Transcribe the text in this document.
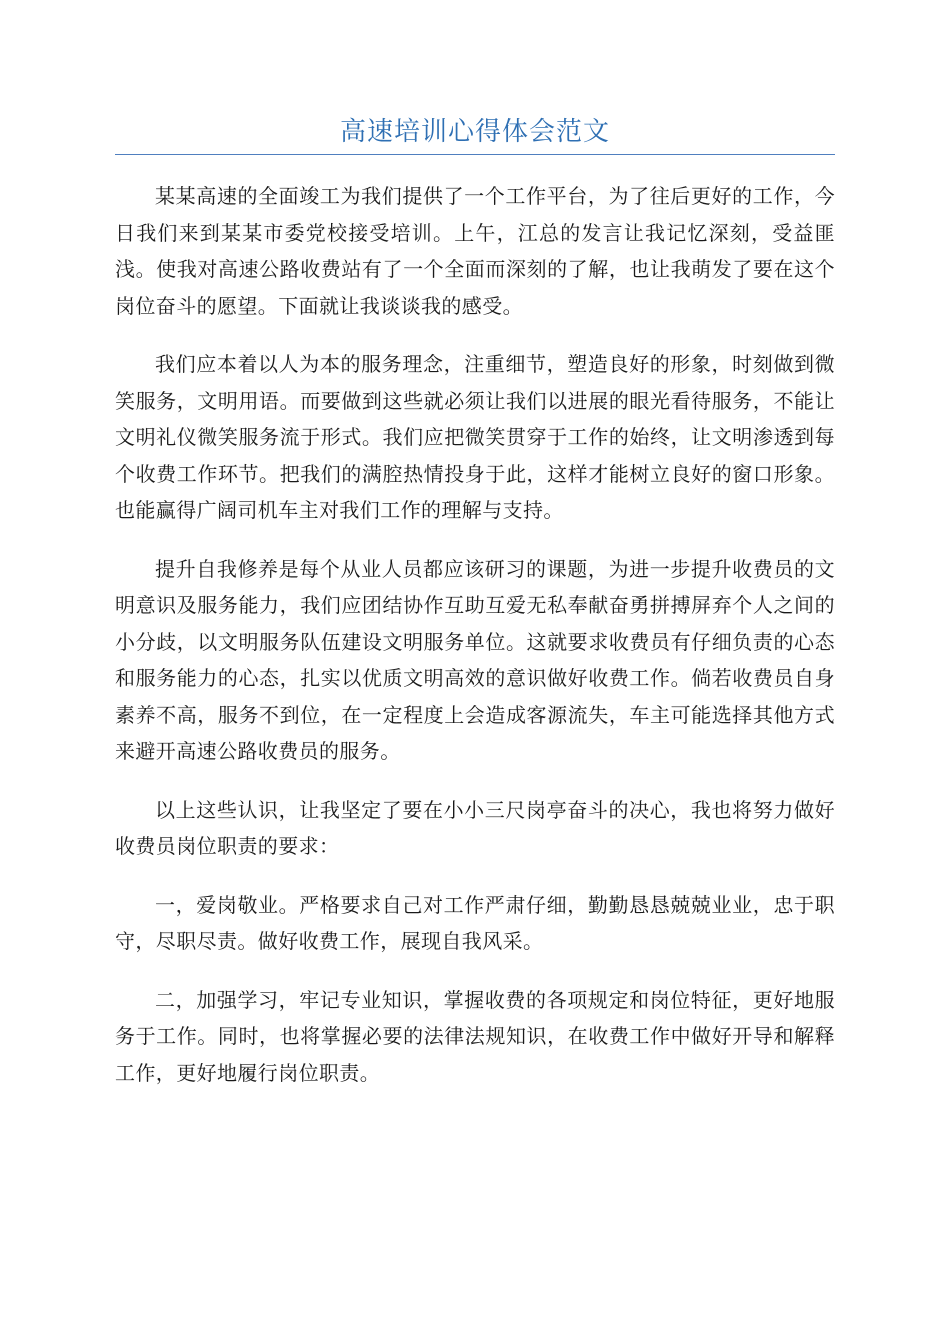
高速培训心得体会范文

某某高速的全面竣工为我们提供了一个工作平台，为了往后更好的工作，今日我们来到某某市委党校接受培训。上午，江总的发言让我记忆深刻，受益匪浅。使我对高速公路收费站有了一个全面而深刻的了解，也让我萌发了要在这个岗位奋斗的愿望。下面就让我谈谈我的感受。

我们应本着以人为本的服务理念，注重细节，塑造良好的形象，时刻做到微笑服务，文明用语。而要做到这些就必须让我们以进展的眼光看待服务，不能让文明礼仪微笑服务流于形式。我们应把微笑贯穿于工作的始终，让文明渗透到每个收费工作环节。把我们的满腔热情投身于此，这样才能树立良好的窗口形象。也能赢得广阔司机车主对我们工作的理解与支持。

提升自我修养是每个从业人员都应该研习的课题，为进一步提升收费员的文明意识及服务能力，我们应团结协作互助互爱无私奉献奋勇拼搏屏弃个人之间的小分歧，以文明服务队伍建设文明服务单位。这就要求收费员有仔细负责的心态和服务能力的心态，扎实以优质文明高效的意识做好收费工作。倘若收费员自身素养不高，服务不到位，在一定程度上会造成客源流失，车主可能选择其他方式来避开高速公路收费员的服务。

以上这些认识，让我坚定了要在小小三尺岗亭奋斗的决心，我也将努力做好收费员岗位职责的要求：

一，爱岗敬业。严格要求自己对工作严肃仔细，勤勤恳恳兢兢业业，忠于职守，尽职尽责。做好收费工作，展现自我风采。

二，加强学习，牢记专业知识，掌握收费的各项规定和岗位特征，更好地服务于工作。同时，也将掌握必要的法律法规知识，在收费工作中做好开导和解释工作，更好地履行岗位职责。
